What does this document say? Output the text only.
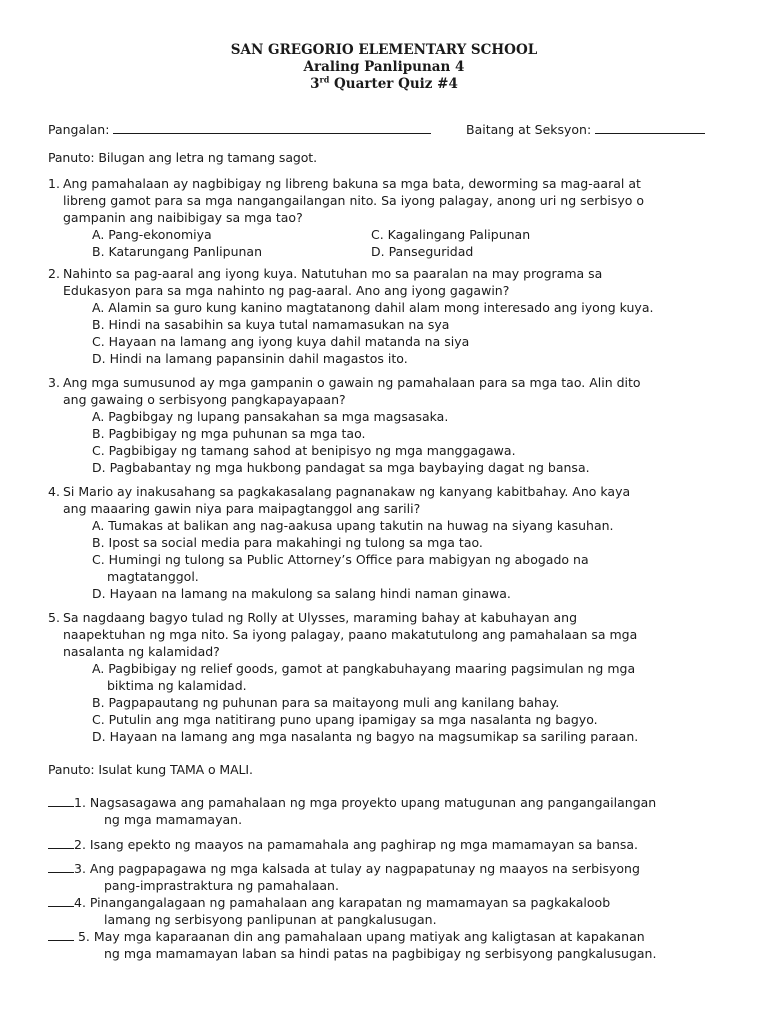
SAN GREGORIO ELEMENTARY SCHOOL
Araling Panlipunan 4
3rd Quarter Quiz #4
Pangalan:	Baitang at Seksyon:
Panuto: Bilugan ang letra ng tamang sagot.
1. Ang pamahalaan ay nagbibigay ng libreng bakuna sa mga bata, deworming sa mag-aaral at
libreng gamot para sa mga nangangailangan nito. Sa iyong palagay, anong uri ng serbisyo o
gampanin ang naibibigay sa mga tao?
A. Pang-ekonomiya	C. Kagalingang Palipunan
B. Katarungang Panlipunan	D. Panseguridad
2. Nahinto sa pag-aaral ang iyong kuya. Natutuhan mo sa paaralan na may programa sa
Edukasyon para sa mga nahinto ng pag-aaral. Ano ang iyong gagawin?
A. Alamin sa guro kung kanino magtatanong dahil alam mong interesado ang iyong kuya.
B. Hindi na sasabihin sa kuya tutal namamasukan na sya
C. Hayaan na lamang ang iyong kuya dahil matanda na siya
D. Hindi na lamang papansinin dahil magastos ito.
3. Ang mga sumusunod ay mga gampanin o gawain ng pamahalaan para sa mga tao. Alin dito
ang gawaing o serbisyong pangkapayapaan?
A. Pagbibgay ng lupang pansakahan sa mga magsasaka.
B. Pagbibigay ng mga puhunan sa mga tao.
C. Pagbibigay ng tamang sahod at benipisyo ng mga manggagawa.
D. Pagbabantay ng mga hukbong pandagat sa mga baybaying dagat ng bansa.
4. Si Mario ay inakusahang sa pagkakasalang pagnanakaw ng kanyang kabitbahay. Ano kaya
ang maaaring gawin niya para maipagtanggol ang sarili?
A. Tumakas at balikan ang nag-aakusa upang takutin na huwag na siyang kasuhan.
B. Ipost sa social media para makahingi ng tulong sa mga tao.
C. Humingi ng tulong sa Public Attorney’s Office para mabigyan ng abogado na
magtatanggol.
D. Hayaan na lamang na makulong sa salang hindi naman ginawa.
5. Sa nagdaang bagyo tulad ng Rolly at Ulysses, maraming bahay at kabuhayan ang
naapektuhan ng mga nito. Sa iyong palagay, paano makatutulong ang pamahalaan sa mga
nasalanta ng kalamidad?
A. Pagbibigay ng relief goods, gamot at pangkabuhayang maaring pagsimulan ng mga
biktima ng kalamidad.
B. Pagpapautang ng puhunan para sa maitayong muli ang kanilang bahay.
C. Putulin ang mga natitirang puno upang ipamigay sa mga nasalanta ng bagyo.
D. Hayaan na lamang ang mga nasalanta ng bagyo na magsumikap sa sariling paraan.
Panuto: Isulat kung TAMA o MALI.
1. Nagsasagawa ang pamahalaan ng mga proyekto upang matugunan ang pangangailangan
ng mga mamamayan.
2. Isang epekto ng maayos na pamamahala ang paghirap ng mga mamamayan sa bansa.
3. Ang pagpapagawa ng mga kalsada at tulay ay nagpapatunay ng maayos na serbisyong
pang-imprastraktura ng pamahalaan.
4. Pinangangalagaan ng pamahalaan ang karapatan ng mamamayan sa pagkakaloob
lamang ng serbisyong panlipunan at pangkalusugan.
5. May mga kaparaanan din ang pamahalaan upang matiyak ang kaligtasan at kapakanan
ng mga mamamayan laban sa hindi patas na pagbibigay ng serbisyong pangkalusugan.
